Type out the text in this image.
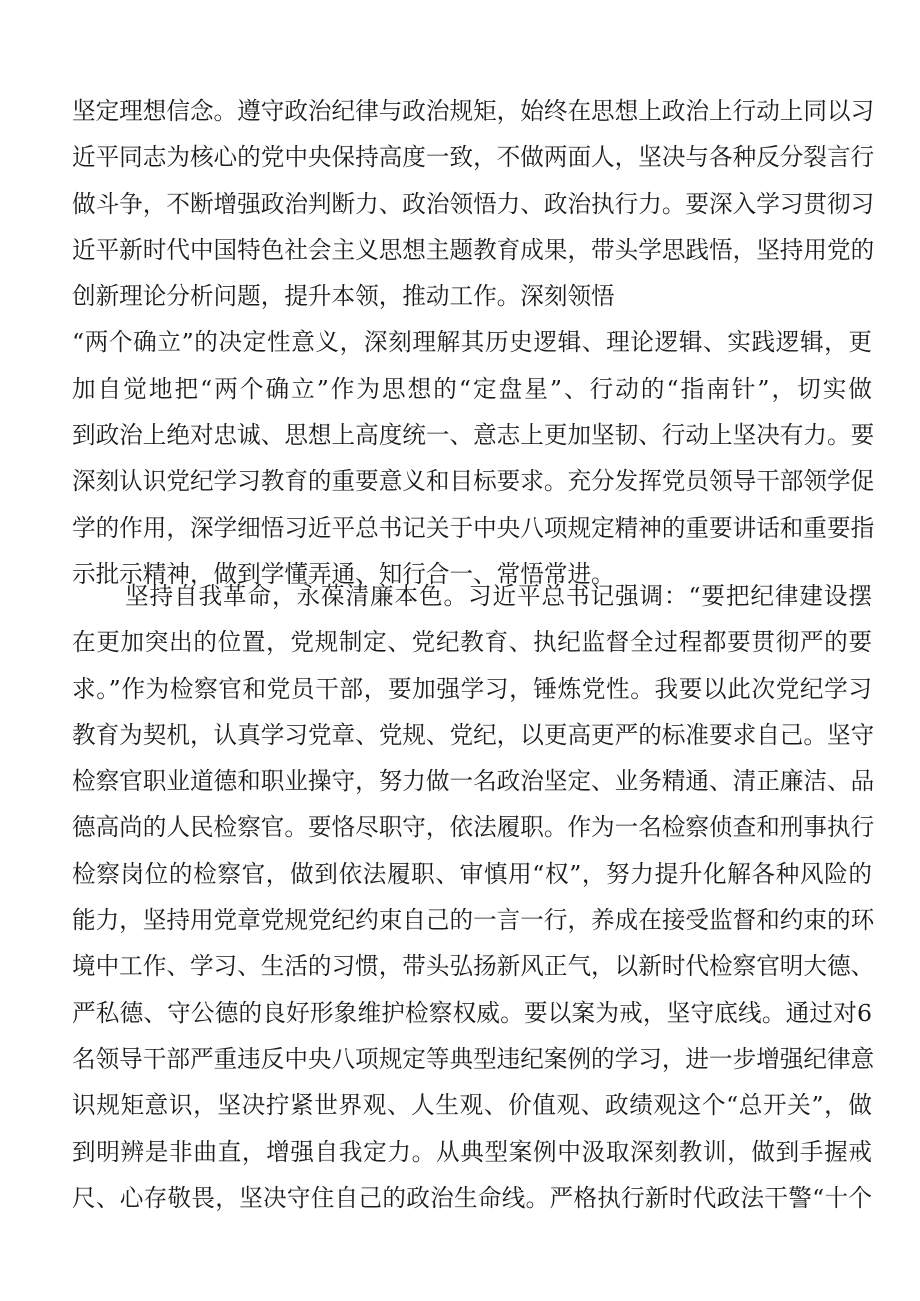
坚定理想信念。遵守政治纪律与政治规矩，始终在思想上政治上行动上同以习
近平同志为核心的党中央保持高度一致，不做两面人，坚决与各种反分裂言行
做斗争，不断增强政治判断力、政治领悟力、政治执行力。要深入学习贯彻习
近平新时代中国特色社会主义思想主题教育成果，带头学思践悟，坚持用党的
创新理论分析问题，提升本领，推动工作。深刻领悟
“两个确立”的决定性意义，深刻理解其历史逻辑、理论逻辑、实践逻辑，更
加自觉地把“两个确立”作为思想的“定盘星”、行动的“指南针”，切实做
到政治上绝对忠诚、思想上高度统一、意志上更加坚韧、行动上坚决有力。要
深刻认识党纪学习教育的重要意义和目标要求。充分发挥党员领导干部领学促
学的作用，深学细悟习近平总书记关于中央八项规定精神的重要讲话和重要指
示批示精神，做到学懂弄通、知行合一、常悟常进。
坚持自我革命，永葆清廉本色。习近平总书记强调：“要把纪律建设摆
在更加突出的位置，党规制定、党纪教育、执纪监督全过程都要贯彻严的要
求。”作为检察官和党员干部，要加强学习，锤炼党性。我要以此次党纪学习
教育为契机，认真学习党章、党规、党纪，以更高更严的标准要求自己。坚守
检察官职业道德和职业操守，努力做一名政治坚定、业务精通、清正廉洁、品
德高尚的人民检察官。要恪尽职守，依法履职。作为一名检察侦查和刑事执行
检察岗位的检察官，做到依法履职、审慎用“权”，努力提升化解各种风险的
能力，坚持用党章党规党纪约束自己的一言一行，养成在接受监督和约束的环
境中工作、学习、生活的习惯，带头弘扬新风正气，以新时代检察官明大德、
严私德、守公德的良好形象维护检察权威。要以案为戒，坚守底线。通过对6
名领导干部严重违反中央八项规定等典型违纪案例的学习，进一步增强纪律意
识规矩意识，坚决拧紧世界观、人生观、价值观、政绩观这个“总开关”，做
到明辨是非曲直，增强自我定力。从典型案例中汲取深刻教训，做到手握戒
尺、心存敬畏，坚决守住自己的政治生命线。严格执行新时代政法干警“十个
